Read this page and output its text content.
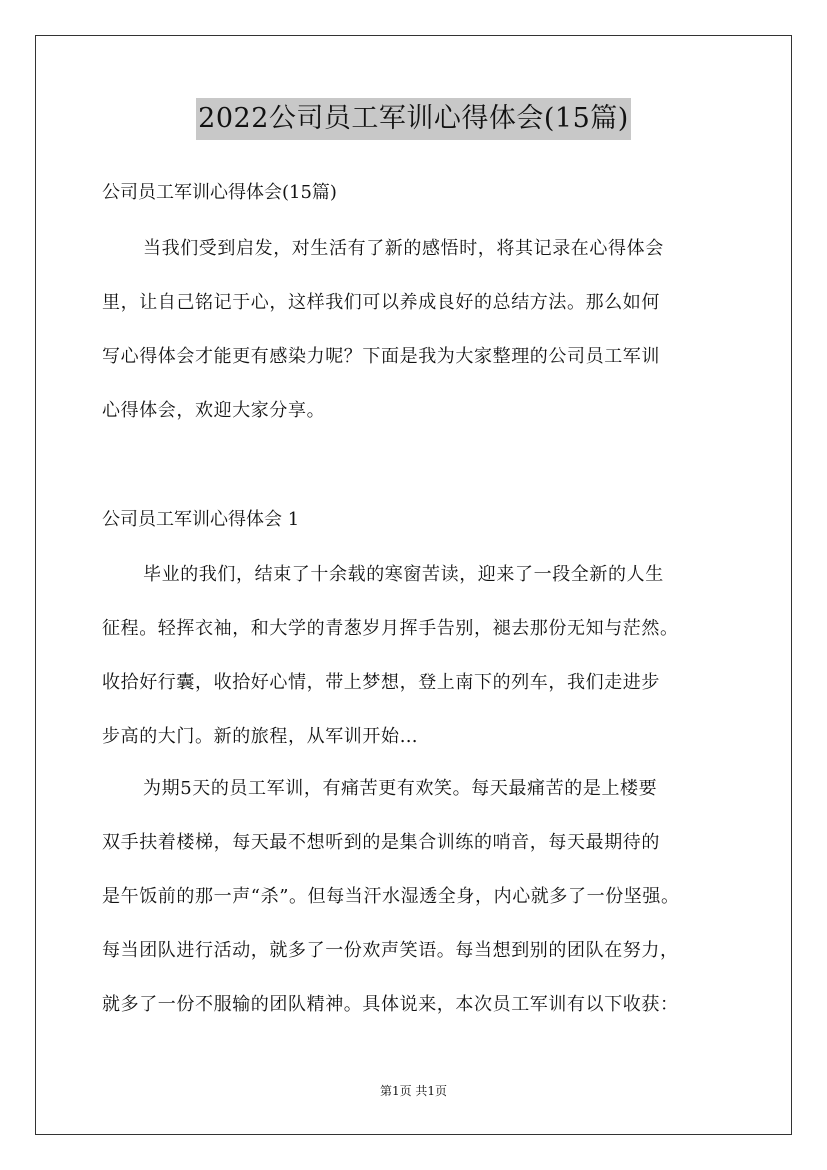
2022公司员工军训心得体会(15篇)
公司员工军训心得体会(15篇)
当我们受到启发，对生活有了新的感悟时，将其记录在心得体会
里，让自己铭记于心，这样我们可以养成良好的总结方法。那么如何
写心得体会才能更有感染力呢？下面是我为大家整理的公司员工军训
心得体会，欢迎大家分享。
公司员工军训心得体会 1
毕业的我们，结束了十余载的寒窗苦读，迎来了一段全新的人生
征程。轻挥衣袖，和大学的青葱岁月挥手告别，褪去那份无知与茫然。
收拾好行囊，收拾好心情，带上梦想，登上南下的列车，我们走进步
步高的大门。新的旅程，从军训开始…
为期5天的员工军训，有痛苦更有欢笑。每天最痛苦的是上楼要
双手扶着楼梯，每天最不想听到的是集合训练的哨音，每天最期待的
是午饭前的那一声“杀”。但每当汗水湿透全身，内心就多了一份坚强。
每当团队进行活动，就多了一份欢声笑语。每当想到别的团队在努力，
就多了一份不服输的团队精神。具体说来，本次员工军训有以下收获：
第1页 共1页
